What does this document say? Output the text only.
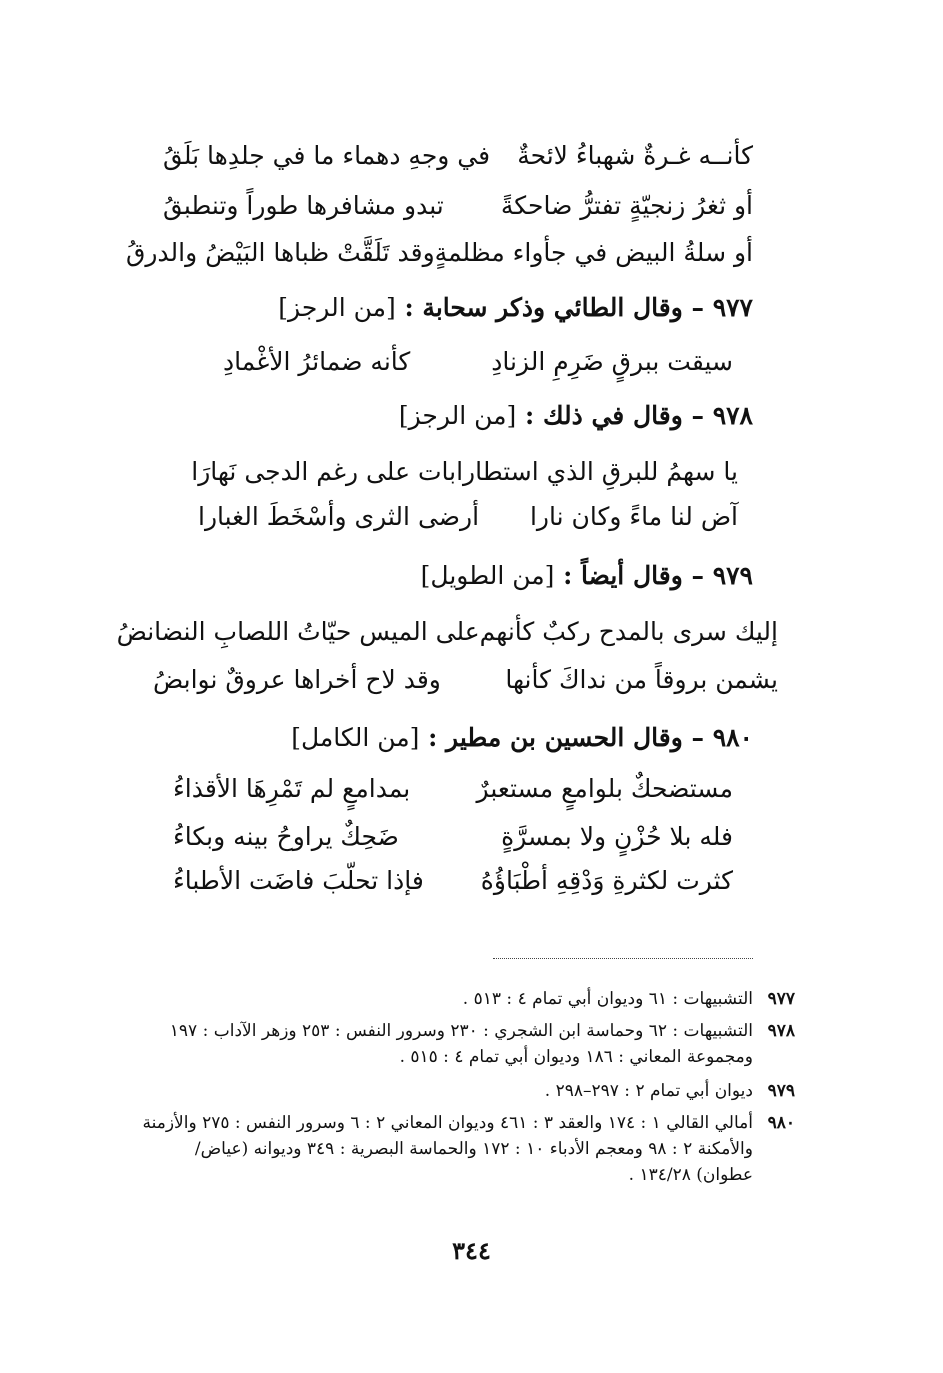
كأنــه غـرةٌ شهباءُ لائحةٌ
في وجهِ دهماء ما في جلدِها بَلَقُ
أو ثغرُ زنجيّةٍ تفترُّ ضاحكةً
تبدو مشافرها طوراً وتنطبقُ
أو سلةُ البيض في جأواء مظلمةٍ
وقد تَلَقَّتْ ظباها البَيْضُ والدرقُ
٩٧٧ – وقال الطائي وذكر سحابة : [من الرجز]
سيقت ببرقٍ ضَرِمِ الزنادِ
كأنه ضمائرُ الأغْمادِ
٩٧٨ – وقال في ذلك : [من الرجز]
يا سهمُ للبرقِ الذي استطارا
بات على رغم الدجى نَهارَا
آض لنا ماءً وكان نارا
أرضى الثرى وأسْخَطَ الغبارا
٩٧٩ – وقال أيضاً : [من الطويل]
إليك سرى بالمدح ركبٌ كأنهم
على الميس حيّاتُ اللصابِ النضانضُ
يشمن بروقاً من نداكَ كأنها
وقد لاح أخراها عروقٌ نوابضُ
٩٨٠ – وقال الحسين بن مطير : [من الكامل]
مستضحكٌ بلوامعٍ مستعبرٌ
بمدامعٍ لم تَمْرِهَا الأقذاءُ
فله بلا حُزْنٍ ولا بمسرَّةٍ
ضَحِكٌ يراوحُ بينه وبكاءُ
كثرت لكثرةِ وَدْقِهِ أطْبَاؤُهُ
فإذا تحلّبَ فاضَت الأطباءُ
٩٧٧
التشبيهات : ٦١ وديوان أبي تمام ٤ : ٥١٣ .
٩٧٨
التشبيهات : ٦٢ وحماسة ابن الشجري : ٢٣٠ وسرور النفس : ٢٥٣ وزهر الآداب : ١٩٧
ومجموعة المعاني : ١٨٦ وديوان أبي تمام ٤ : ٥١٥ .
٩٧٩
ديوان أبي تمام ٢ : ٢٩٧–٢٩٨ .
٩٨٠
أمالي القالي ١ : ١٧٤ والعقد ٣ : ٤٦١ وديوان المعاني ٢ : ٦ وسرور النفس : ٢٧٥ والأزمنة
والأمكنة ٢ : ٩٨ ومعجم الأدباء ١٠ : ١٧٢ والحماسة البصرية : ٣٤٩ وديوانه (عياض/
عطوان) ١٣٤/٢٨ .
٣٤٤
